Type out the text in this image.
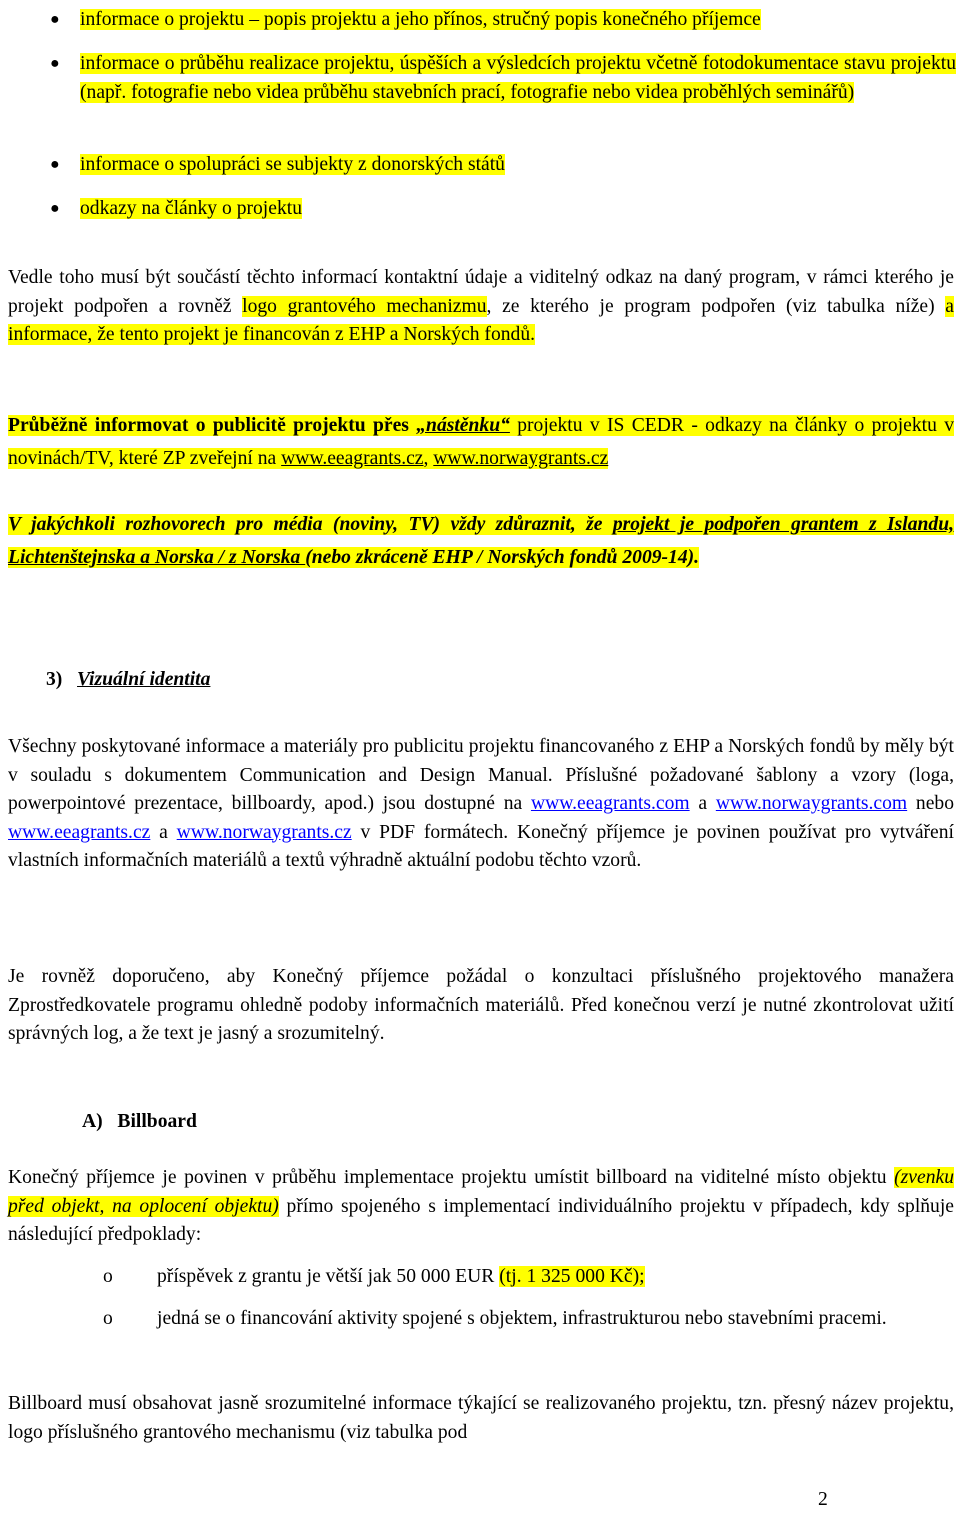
● informace o projektu – popis projektu a jeho přínos, stručný popis konečného příjemce
● informace o průběhu realizace projektu, úspěších a výsledcích projektu včetně fotodokumentace stavu projektu (např. fotografie nebo videa průběhu stavebních prací, fotografie nebo videa proběhlých seminářů)
● informace o spolupráci se subjekty z donorských států
● odkazy na články o projektu

Vedle toho musí být součástí těchto informací kontaktní údaje a viditelný odkaz na daný program, v rámci kterého je projekt podpořen a rovněž logo grantového mechanizmu, ze kterého je program podpořen (viz tabulka níže) a informace, že tento projekt je financován z EHP a Norských fondů.

Průběžně informovat o publicitě projektu přes „nástěnku“ projektu v IS CEDR - odkazy na články o projektu v novinách/TV, které ZP zveřejní na www.eeagrants.cz, www.norwaygrants.cz

V jakýchkoli rozhovorech pro média (noviny, TV) vždy zdůraznit, že projekt je podpořen grantem z Islandu, Lichtenštejnska a Norska / z Norska (nebo zkráceně EHP / Norských fondů 2009-14).

3) Vizuální identita

Všechny poskytované informace a materiály pro publicitu projektu financovaného z EHP a Norských fondů by měly být v souladu s dokumentem Communication and Design Manual. Příslušné požadované šablony a vzory (loga, powerpointové prezentace, billboardy, apod.) jsou dostupné na www.eeagrants.com a www.norwaygrants.com nebo www.eeagrants.cz a www.norwaygrants.cz v PDF formátech. Konečný příjemce je povinen používat pro vytváření vlastních informačních materiálů a textů výhradně aktuální podobu těchto vzorů.

Je rovněž doporučeno, aby Konečný příjemce požádal o konzultaci příslušného projektového manažera Zprostředkovatele programu ohledně podoby informačních materiálů. Před konečnou verzí je nutné zkontrolovat užití správných log, a že text je jasný a srozumitelný.

A) Billboard

Konečný příjemce je povinen v průběhu implementace projektu umístit billboard na viditelné místo objektu (zvenku před objekt, na oplocení objektu) přímo spojeného s implementací individuálního projektu v případech, kdy splňuje následující předpoklady:

o příspěvek z grantu je větší jak 50 000 EUR (tj. 1 325 000 Kč);
o jedná se o financování aktivity spojené s objektem, infrastrukturou nebo stavebními pracemi.

Billboard musí obsahovat jasně srozumitelné informace týkající se realizovaného projektu, tzn. přesný název projektu, logo příslušného grantového mechanismu (viz tabulka pod

2
